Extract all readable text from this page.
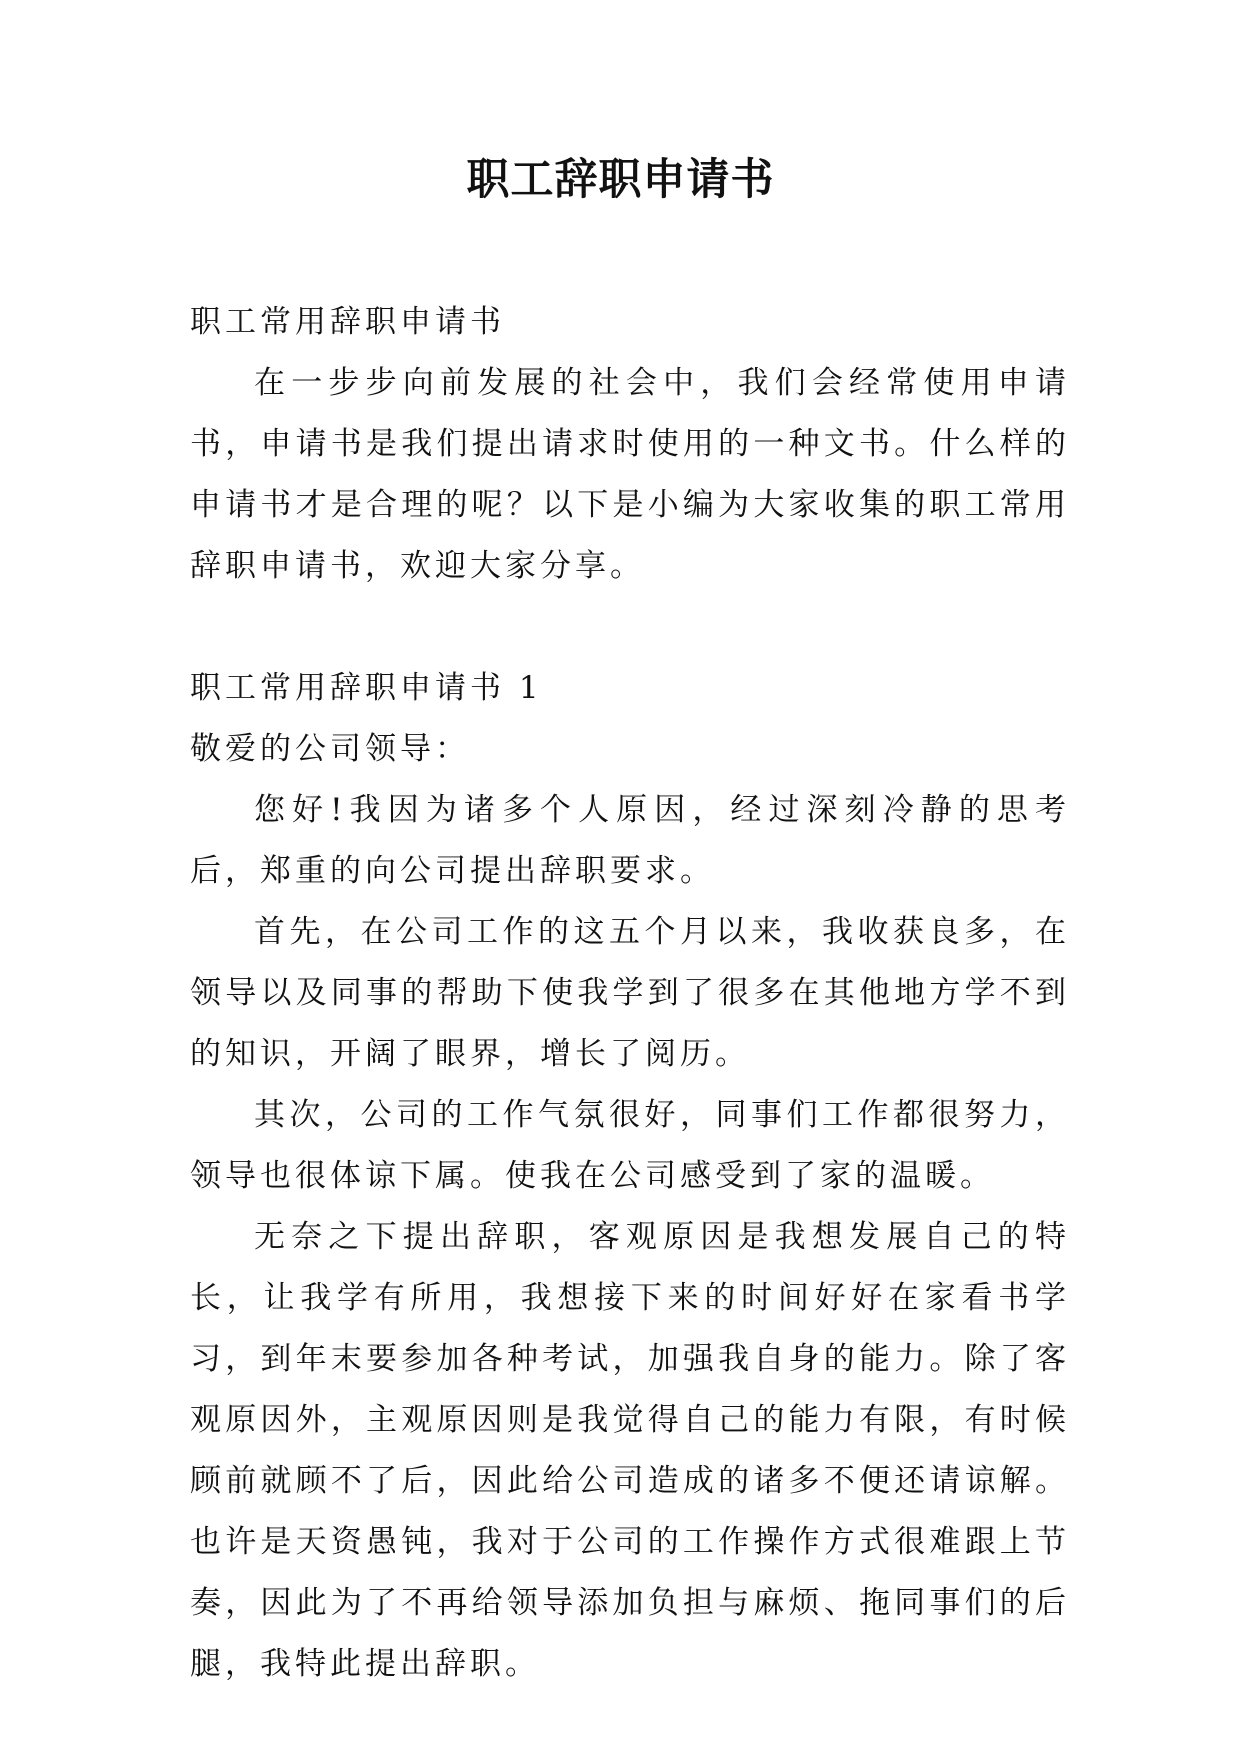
职工辞职申请书

职工常用辞职申请书

在一步步向前发展的社会中，我们会经常使用申请书，申请书是我们提出请求时使用的一种文书。什么样的申请书才是合理的呢？以下是小编为大家收集的职工常用辞职申请书，欢迎大家分享。

职工常用辞职申请书 1

敬爱的公司领导：

您好!我因为诸多个人原因，经过深刻冷静的思考后，郑重的向公司提出辞职要求。

首先，在公司工作的这五个月以来，我收获良多，在领导以及同事的帮助下使我学到了很多在其他地方学不到的知识，开阔了眼界，增长了阅历。

其次，公司的工作气氛很好，同事们工作都很努力，领导也很体谅下属。使我在公司感受到了家的温暖。

无奈之下提出辞职，客观原因是我想发展自己的特长，让我学有所用，我想接下来的时间好好在家看书学习，到年末要参加各种考试，加强我自身的能力。除了客观原因外，主观原因则是我觉得自己的能力有限，有时候顾前就顾不了后，因此给公司造成的诸多不便还请谅解。也许是天资愚钝，我对于公司的工作操作方式很难跟上节奏，因此为了不再给领导添加负担与麻烦、拖同事们的后腿，我特此提出辞职。
